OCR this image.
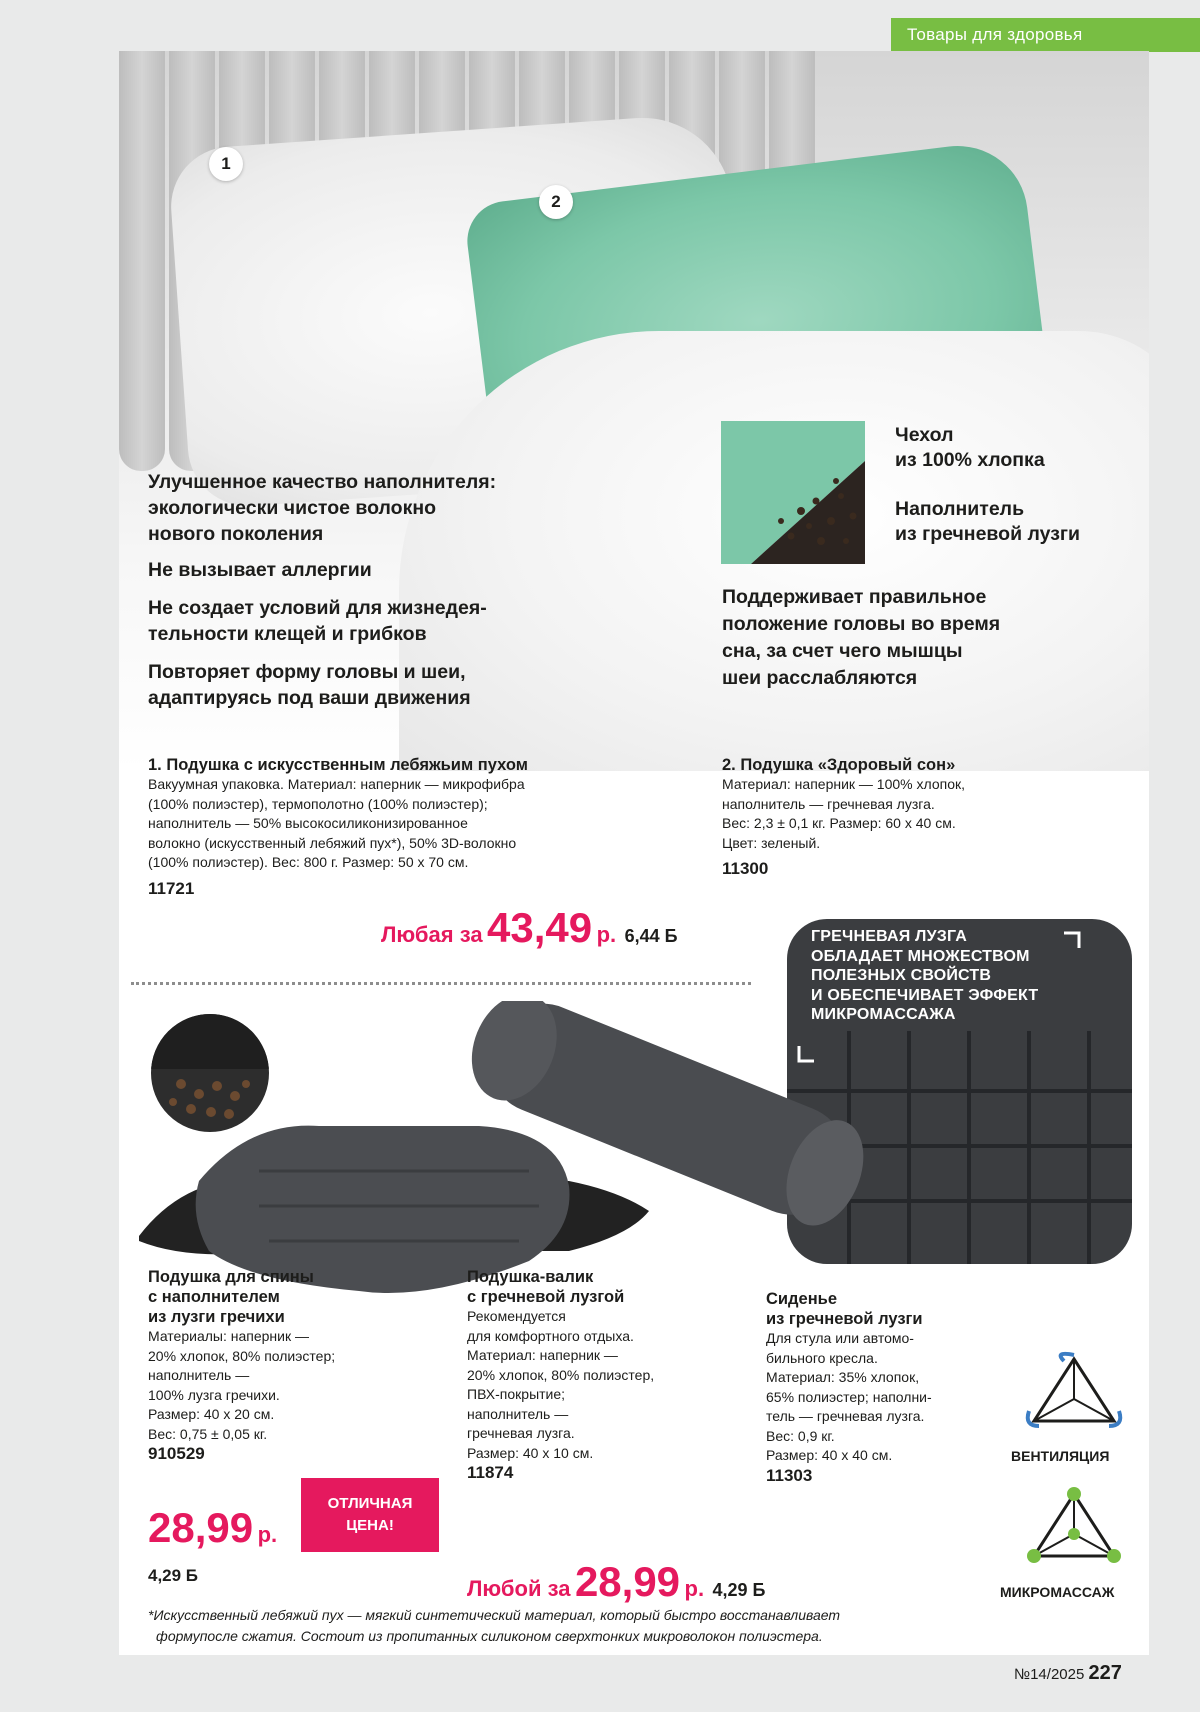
Товары для здоровья
1
2
Улучшенное качество наполнителя:
экологически чистое волокно
нового поколения
Не вызывает аллергии
Не создает условий для жизнедея-
тельности клещей и грибков
Повторяет форму головы и шеи,
адаптируясь под ваши движения
Чехол
из 100% хлопка
Наполнитель
из гречневой лузги
Поддерживает правильное
положение головы во время
сна, за счет чего мышцы
шеи расслабляются
1. Подушка с искусственным лебяжьим пухом
Вакуумная упаковка. Материал: наперник — микрофибра
(100% полиэстер), термополотно (100% полиэстер);
наполнитель — 50% высокосиликонизированное
волокно (искусственный лебяжий пух*), 50% 3D-волокно
(100% полиэстер). Вес: 800 г. Размер: 50 х 70 см.
11721
2. Подушка «Здоровый сон»
Материал: наперник — 100% хлопок,
наполнитель — гречневая лузга.
Вес: 2,3 ± 0,1 кг. Размер: 60 х 40 см.
Цвет: зеленый.
11300
Любая за 43,49 р. 6,44 Б	ГРЕЧНЕВАЯ ЛУЗГА
ОБЛАДАЕТ МНОЖЕСТВОМ
ПОЛЕЗНЫХ СВОЙСТВ
И ОБЕСПЕЧИВАЕТ ЭФФЕКТ
МИКРОМАССАЖА
Подушка для спины
с наполнителем
из лузги гречихи
Материалы: наперник —
20% хлопок, 80% полиэстер;
наполнитель —
100% лузга гречихи.
Размер: 40 х 20 см.
Вес: 0,75 ± 0,05 кг.
910529
28,99 р.
4,29 Б
ОТЛИЧНАЯ
ЦЕНА!
Подушка-валик
с гречневой лузгой
Рекомендуется
для комфортного отдыха.
Материал: наперник —
20% хлопок, 80% полиэстер,
ПВХ-покрытие;
наполнитель —
гречневая лузга.
Размер: 40 х 10 см.
11874
Сиденье
из гречневой лузги
Для стула или автомо-
бильного кресла.
Материал: 35% хлопок,
65% полиэстер; наполни-
тель — гречневая лузга.
Вес: 0,9 кг.
Размер: 40 х 40 см.
11303
Любой за 28,99 р. 4,29 Б
ВЕНТИЛЯЦИЯ
МИКРОМАССАЖ
*Искусственный лебяжий пух — мягкий синтетический материал, который быстро восстанавливает
формупосле сжатия. Состоит из пропитанных силиконом сверхтонких микроволокон полиэстера.
№14/2025 227
